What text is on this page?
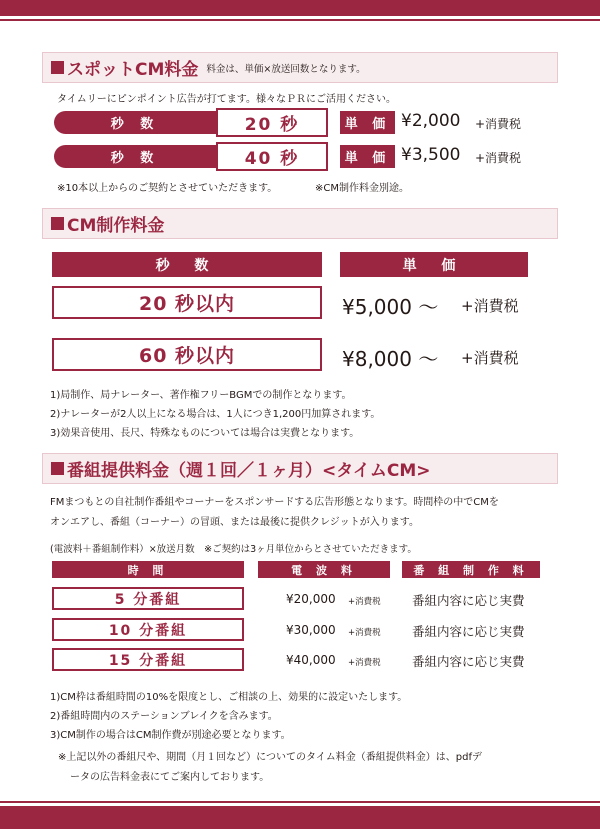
スポットCM料金 料金は、単価×放送回数となります。
タイムリーにピンポイント広告が打てます。様々なＰＲにご活用ください。
秒 数	20 秒	単 価 ¥2,000 +消費税
秒 数	40 秒	単 価 ¥3,500 +消費税
※10本以上からのご契約とさせていただきます。	※CM制作料金別途。
CM制作料金
秒 数	単 価
20 秒以内	¥5,000 ～ +消費税
60 秒以内	¥8,000 ～ +消費税
1)局制作、局ナレーター、著作権フリーBGMでの制作となります。
2)ナレーターが2人以上になる場合は、1人につき1,200円加算されます。
3)効果音使用、長尺、特殊なものについては場合は実費となります。
番組提供料金（週１回／１ヶ月）<タイムCM>
FMまつもとの自社制作番組やコーナーをスポンサードする広告形態となります。時間枠の中でCMを
オンエアし、番組（コーナー）の冒頭、または最後に提供クレジットが入ります。
(電波料＋番組制作料）×放送月数　※ご契約は3ヶ月単位からとさせていただきます。
時 間	電 波 料	番 組 制 作 料
5 分番組	¥20,000 +消費税	番組内容に応じ実費
10 分番組	¥30,000 +消費税	番組内容に応じ実費
15 分番組	¥40,000 +消費税	番組内容に応じ実費
1)CM枠は番組時間の10%を限度とし、ご相談の上、効果的に設定いたします。
2)番組時間内のステーションブレイクを含みます。
3)CM制作の場合はCM制作費が別途必要となります。
※上記以外の番組尺や、期間（月１回など）についてのタイム料金（番組提供料金）は、pdfデ
ータの広告料金表にてご案内しております。
